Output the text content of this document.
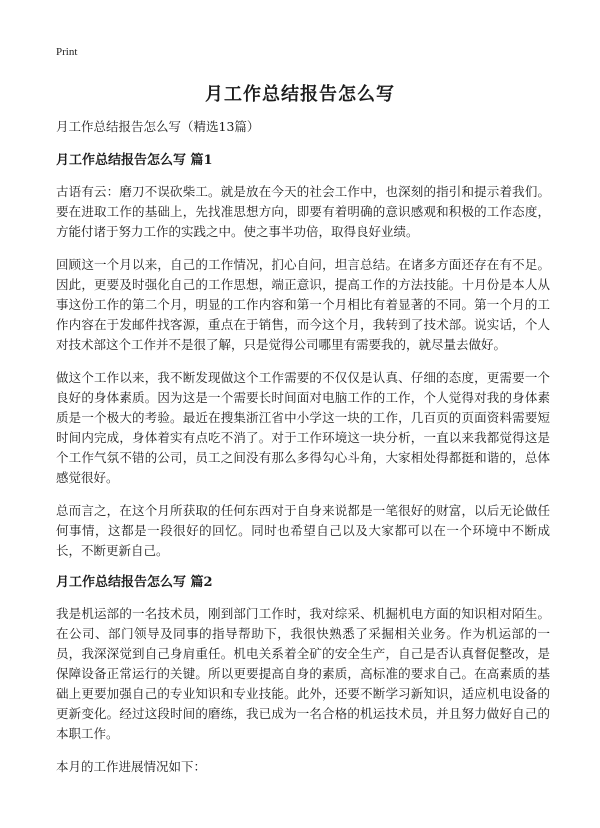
Print
月工作总结报告怎么写

月工作总结报告怎么写（精选13篇）

月工作总结报告怎么写 篇1

古语有云：磨刀不误砍柴工。就是放在今天的社会工作中，也深刻的指引和提示着我们。要在进取工作的基础上，先找准思想方向，即要有着明确的意识感观和积极的工作态度，方能付诸于努力工作的实践之中。使之事半功倍，取得良好业绩。

回顾这一个月以来，自己的工作情况，扪心自问，坦言总结。在诸多方面还存在有不足。因此，更要及时强化自己的工作思想，端正意识，提高工作的方法技能。十月份是本人从事这份工作的第二个月，明显的工作内容和第一个月相比有着显著的不同。第一个月的工作内容在于发邮件找客源，重点在于销售，而今这个月，我转到了技术部。说实话，个人对技术部这个工作并不是很了解，只是觉得公司哪里有需要我的，就尽量去做好。

做这个工作以来，我不断发现做这个工作需要的不仅仅是认真、仔细的态度，更需要一个良好的身体素质。因为这是一个需要长时间面对电脑工作的工作，个人觉得对我的身体素质是一个极大的考验。最近在搜集浙江省中小学这一块的工作，几百页的页面资料需要短时间内完成，身体着实有点吃不消了。对于工作环境这一块分析，一直以来我都觉得这是个工作气氛不错的公司，员工之间没有那么多得勾心斗角，大家相处得都挺和谐的，总体感觉很好。

总而言之，在这个月所获取的任何东西对于自身来说都是一笔很好的财富，以后无论做任何事情，这都是一段很好的回忆。同时也希望自己以及大家都可以在一个环境中不断成长，不断更新自己。

月工作总结报告怎么写 篇2

我是机运部的一名技术员，刚到部门工作时，我对综采、机掘机电方面的知识相对陌生。在公司、部门领导及同事的指导帮助下，我很快熟悉了采掘相关业务。作为机运部的一员，我深深觉到自己身肩重任。机电关系着全矿的安全生产，自己是否认真督促整改，是保障设备正常运行的关键。所以更要提高自身的素质，高标准的要求自己。在高素质的基础上更要加强自己的专业知识和专业技能。此外，还要不断学习新知识，适应机电设备的更新变化。经过这段时间的磨练，我已成为一名合格的机运技术员，并且努力做好自己的本职工作。

本月的工作进展情况如下：
